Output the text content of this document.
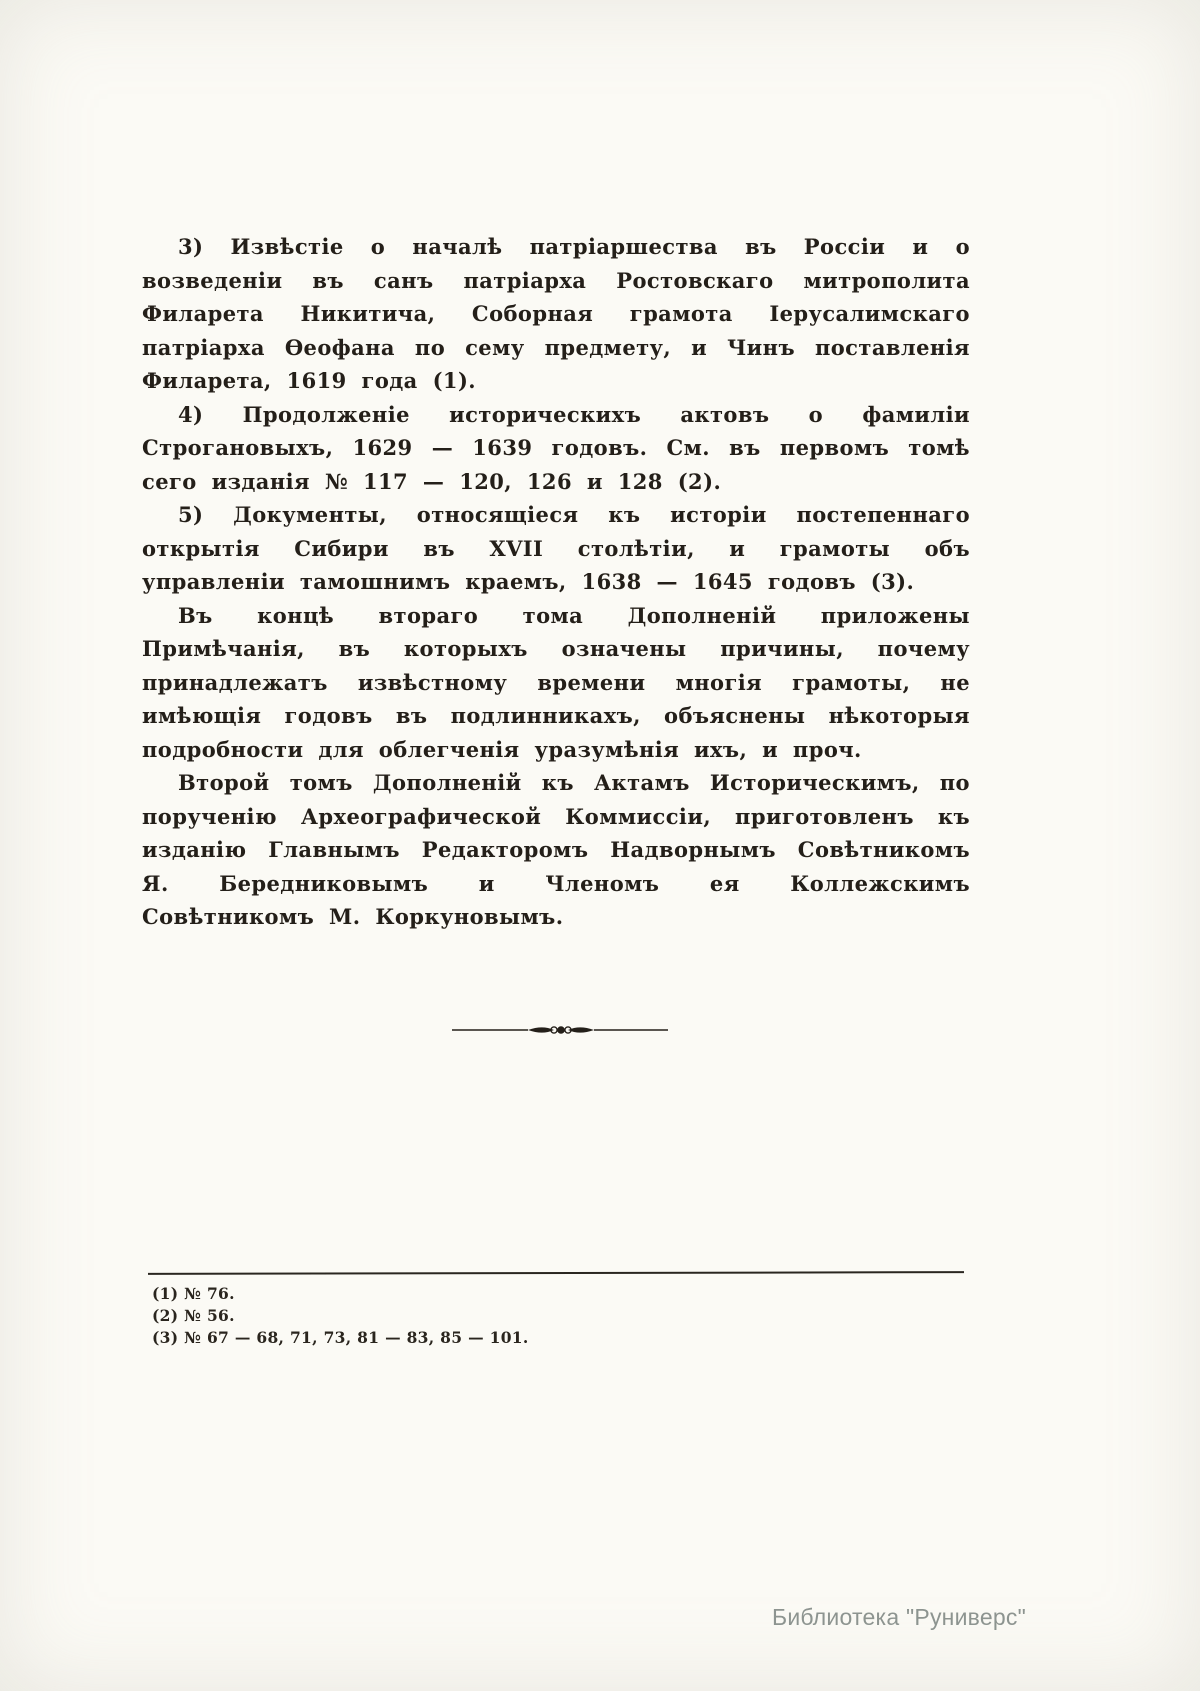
3) Извѣстіе о началѣ патріаршества въ Россіи и о возведеніи въ санъ патріарха Ростовскаго митрополита Филарета Никитича, Соборная грамота Іерусалимскаго патріарха Ѳеофана по сему предмету, и Чинъ поставленія Филарета, 1619 года (1).

4) Продолженіе историческихъ актовъ о фамиліи Строгановыхъ, 1629 — 1639 годовъ. См. въ первомъ томѣ сего изданія № 117 — 120, 126 и 128 (2).

5) Документы, относящіеся къ исторіи постепеннаго открытія Сибири въ XVII столѣтіи, и грамоты объ управленіи тамошнимъ краемъ, 1638 — 1645 годовъ (3).

Въ концѣ втораго тома Дополненій приложены Примѣчанія, въ которыхъ означены причины, почему принадлежатъ извѣстному времени многія грамоты, не имѣющія годовъ въ подлинникахъ, объяснены нѣкоторыя подробности для облегченія уразумѣнія ихъ, и проч.

Второй томъ Дополненій къ Актамъ Историческимъ, по порученію Археографической Коммиссіи, приготовленъ къ изданію Главнымъ Редакторомъ Надворнымъ Совѣтникомъ Я. Бередниковымъ и Членомъ ея Коллежскимъ Совѣтникомъ М. Коркуновымъ.

(1) № 76.

(2) № 56.

(3) № 67 — 68, 71, 73, 81 — 83, 85 — 101.

Библиотека "Руниверс"
